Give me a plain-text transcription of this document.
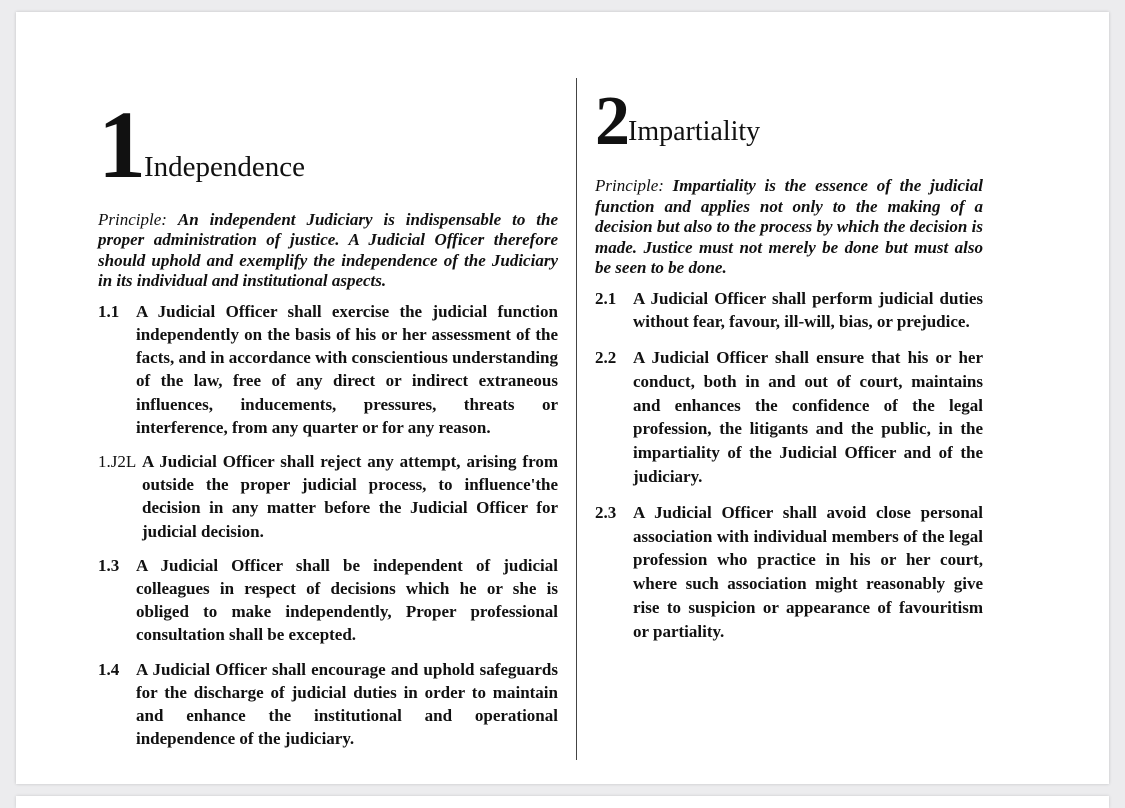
1 Independence
Principle: An independent Judiciary is indispensable to the proper administration of justice. A Judicial Officer therefore should uphold and exemplify the independence of the Judiciary in its individual and institutional aspects.
1.1 A Judicial Officer shall exercise the judicial function independently on the basis of his or her assessment of the facts, and in accordance with conscientious understanding of the law, free of any direct or indirect extraneous influences, inducements, pressures, threats or interference, from any quarter or for any reason.
1.J2L A Judicial Officer shall reject any attempt, arising from outside the proper judicial process, to influence'the decision in any matter before the Judicial Officer for judicial decision.
1.3 A Judicial Officer shall be independent of judicial colleagues in respect of decisions which he or she is obliged to make independently, Proper professional consultation shall be excepted.
1.4 A Judicial Officer shall encourage and uphold safeguards for the discharge of judicial duties in order to maintain and enhance the institutional and operational independence of the judiciary.
2 Impartiality
Principle: Impartiality is the essence of the judicial function and applies not only to the making of a decision but also to the process by which the decision is made. Justice must not merely be done but must also be seen to be done.
2.1 A Judicial Officer shall perform judicial duties without fear, favour, ill-will, bias, or prejudice.
2.2 A Judicial Officer shall ensure that his or her conduct, both in and out of court, maintains and enhances the confidence of the legal profession, the litigants and the public, in the impartiality of the Judicial Officer and of the judiciary.
2.3 A Judicial Officer shall avoid close personal association with individual members of the legal profession who practice in his or her court, where such association might reasonably give rise to suspicion or appearance of favouritism or partiality.
